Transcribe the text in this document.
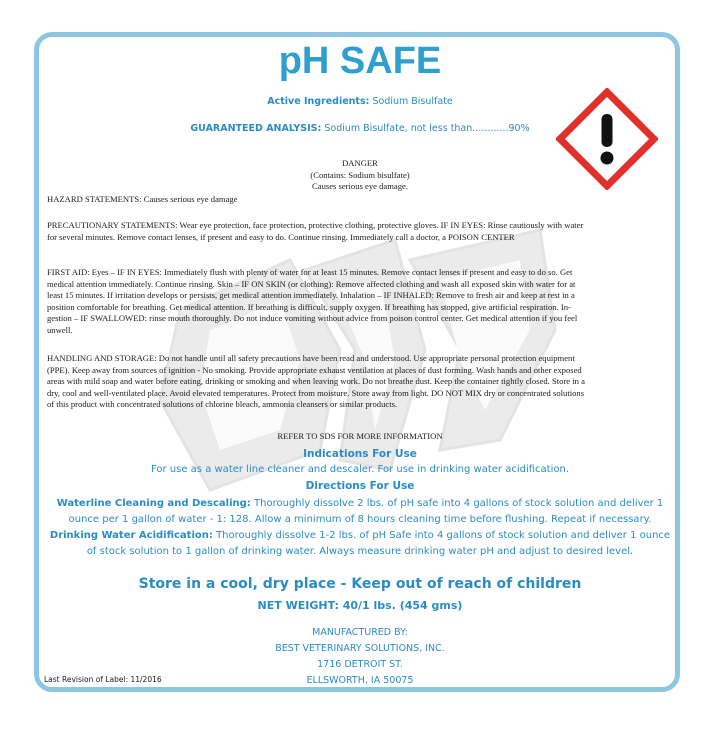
pH SAFE
Active Ingredients: Sodium Bisulfate
GUARANTEED ANALYSIS: Sodium Bisulfate, not less than............90%
DANGER
(Contains: Sodium bisulfate)
Causes serious eye damage.
HAZARD STATEMENTS: Causes serious eye damage
PRECAUTIONARY STATEMENTS: Wear eye protection, face protection, protective clothing, protective gloves. IF IN EYES: Rinse cautiously with water
for several minutes. Remove contact lenses, if present and easy to do. Continue rinsing. Immediately call a doctor, a POISON CENTER
FIRST AID: Eyes – IF IN EYES: Immediately flush with plenty of water for at least 15 minutes. Remove contact lenses if present and easy to do so. Get
medical attention immediately. Continue rinsing. Skin – IF ON SKIN (or clothing): Remove affected clothing and wash all exposed skin with water for at
least 15 minutes. If irritation develops or persists, get medical attention immediately. Inhalation – IF INHALED: Remove to fresh air and keep at rest in a
position comfortable for breathing. Get medical attention. If breathing is difficult, supply oxygen. If breathing has stopped, give artificial respiration. In-
gestion – IF SWALLOWED: rinse mouth thoroughly. Do not induce vomiting without advice from poison control center. Get medical attention if you feel
unwell.
HANDLING AND STORAGE: Do not handle until all safety precautions have been read and understood. Use appropriate personal protection equipment
(PPE). Keep away from sources of ignition - No smoking. Provide appropriate exhaust ventilation at places of dust forming. Wash hands and other exposed
areas with mild soap and water before eating, drinking or smoking and when leaving work. Do not breathe dust. Keep the container tightly closed. Store in a
dry, cool and well-ventilated place. Avoid elevated temperatures. Protect from moisture. Store away from light. DO NOT MIX dry or concentrated solutions
of this product with concentrated solutions of chlorine bleach, ammonia cleansers or similar products.
REFER TO SDS FOR MORE INFORMATION
Indications For Use
For use as a water line cleaner and descaler. For use in drinking water acidification.
Directions For Use
Waterline Cleaning and Descaling: Thoroughly dissolve 2 lbs. of pH safe into 4 gallons of stock solution and deliver 1
ounce per 1 gallon of water - 1: 128. Allow a minimum of 8 hours cleaning time before flushing. Repeat if necessary.
Drinking Water Acidification: Thoroughly dissolve 1-2 lbs. of pH Safe into 4 gallons of stock solution and deliver 1 ounce
of stock solution to 1 gallon of drinking water. Always measure drinking water pH and adjust to desired level.
Store in a cool, dry place - Keep out of reach of children
NET WEIGHT: 40/1 lbs. (454 gms)
MANUFACTURED BY:
BEST VETERINARY SOLUTIONS, INC.
1716 DETROIT ST.
ELLSWORTH, IA 50075
Last Revision of Label: 11/2016
